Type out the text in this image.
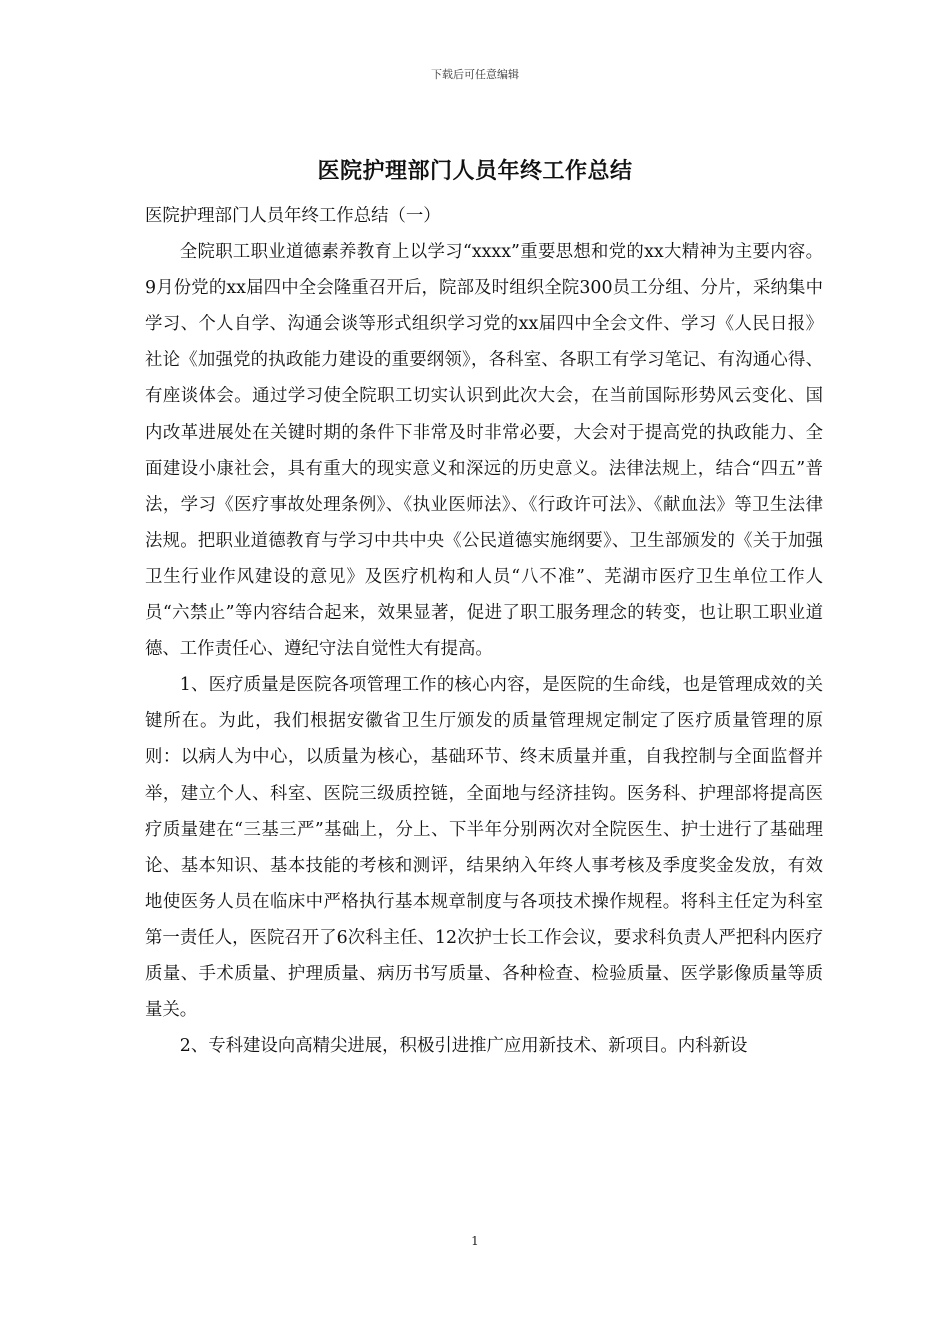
下载后可任意编辑
医院护理部门人员年终工作总结

医院护理部门人员年终工作总结（一）

全院职工职业道德素养教育上以学习“xxxx”重要思想和党的xx大精神为主要内容。9月份党的xx届四中全会隆重召开后，院部及时组织全院300员工分组、分片，采纳集中学习、个人自学、沟通会谈等形式组织学习党的xx届四中全会文件、学习《人民日报》社论《加强党的执政能力建设的重要纲领》，各科室、各职工有学习笔记、有沟通心得、有座谈体会。通过学习使全院职工切实认识到此次大会，在当前国际形势风云变化、国内改革进展处在关键时期的条件下非常及时非常必要，大会对于提高党的执政能力、全面建设小康社会，具有重大的现实意义和深远的历史意义。法律法规上，结合“四五”普法，学习《医疗事故处理条例》、《执业医师法》、《行政许可法》、《献血法》等卫生法律法规。把职业道德教育与学习中共中央《公民道德实施纲要》、卫生部颁发的《关于加强卫生行业作风建设的意见》及医疗机构和人员“八不准”、芜湖市医疗卫生单位工作人员“六禁止”等内容结合起来，效果显著，促进了职工服务理念的转变，也让职工职业道德、工作责任心、遵纪守法自觉性大有提高。

1、医疗质量是医院各项管理工作的核心内容，是医院的生命线，也是管理成效的关键所在。为此，我们根据安徽省卫生厅颁发的质量管理规定制定了医疗质量管理的原则：以病人为中心，以质量为核心，基础环节、终末质量并重，自我控制与全面监督并举，建立个人、科室、医院三级质控链，全面地与经济挂钩。医务科、护理部将提高医疗质量建在“三基三严”基础上，分上、下半年分别两次对全院医生、护士进行了基础理论、基本知识、基本技能的考核和测评，结果纳入年终人事考核及季度奖金发放，有效地使医务人员在临床中严格执行基本规章制度与各项技术操作规程。将科主任定为科室第一责任人，医院召开了6次科主任、12次护士长工作会议，要求科负责人严把科内医疗质量、手术质量、护理质量、病历书写质量、各种检查、检验质量、医学影像质量等质量关。

2、专科建设向高精尖进展，积极引进推广应用新技术、新项目。内科新设

1
